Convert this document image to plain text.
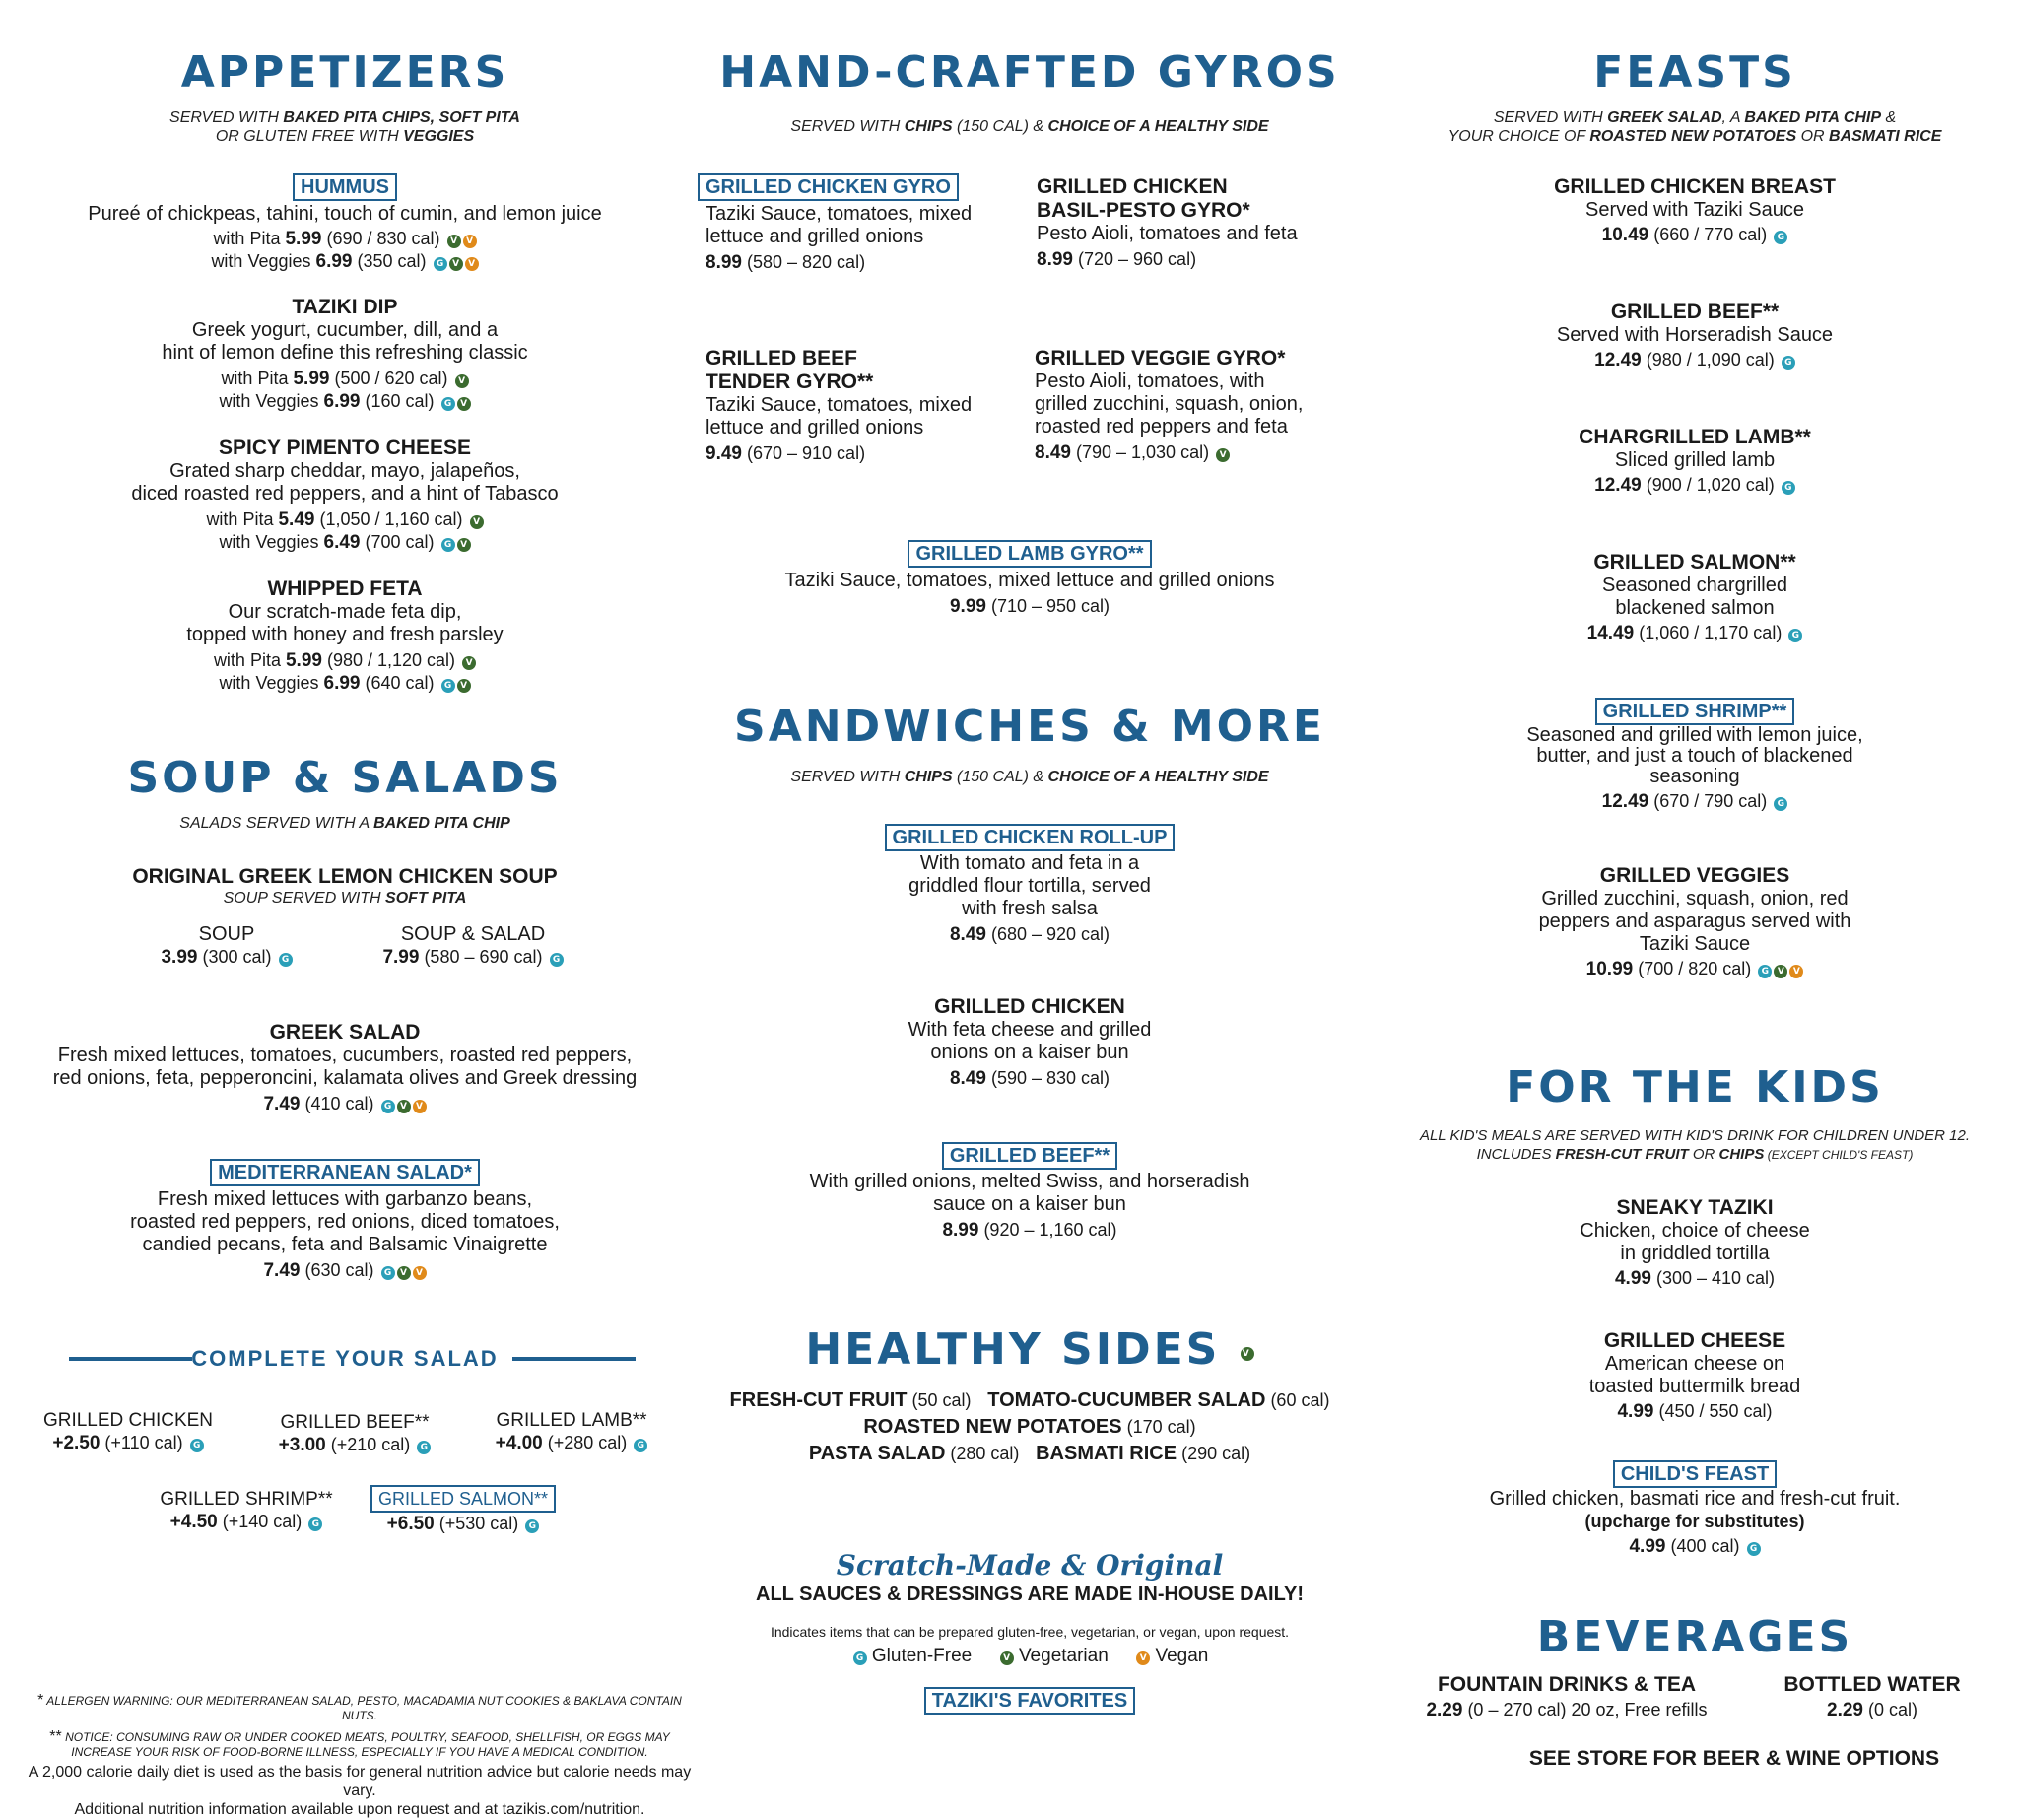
APPETIZERS
SERVED WITH BAKED PITA CHIPS, SOFT PITA
OR GLUTEN FREE WITH VEGGIES
HUMMUS
Pureé of chickpeas, tahini, touch of cumin, and lemon juice
with Pita 5.99 (690 / 830 cal) V V
with Veggies 6.99 (350 cal) G V V
TAZIKI DIP
Greek yogurt, cucumber, dill, and a
hint of lemon define this refreshing classic
with Pita 5.99 (500 / 620 cal) V
with Veggies 6.99 (160 cal) G V
SPICY PIMENTO CHEESE
Grated sharp cheddar, mayo, jalapeños,
diced roasted red peppers, and a hint of Tabasco
with Pita 5.49 (1,050 / 1,160 cal) V
with Veggies 6.49 (700 cal) G V
WHIPPED FETA
Our scratch-made feta dip,
topped with honey and fresh parsley
with Pita 5.99 (980 / 1,120 cal) V
with Veggies 6.99 (640 cal) G V
SOUP & SALADS
SALADS SERVED WITH A BAKED PITA CHIP
ORIGINAL GREEK LEMON CHICKEN SOUP
SOUP SERVED WITH SOFT PITA
SOUP
3.99 (300 cal) G
SOUP & SALAD
7.99 (580 – 690 cal) G
GREEK SALAD
Fresh mixed lettuces, tomatoes, cucumbers, roasted red peppers,
red onions, feta, pepperoncini, kalamata olives and Greek dressing
7.49 (410 cal) G V V
MEDITERRANEAN SALAD*
Fresh mixed lettuces with garbanzo beans,
roasted red peppers, red onions, diced tomatoes,
candied pecans, feta and Balsamic Vinaigrette
7.49 (630 cal) G V V
COMPLETE YOUR SALAD
GRILLED CHICKEN
+2.50 (+110 cal) G
GRILLED BEEF**
+3.00 (+210 cal) G
GRILLED LAMB**
+4.00 (+280 cal) G
GRILLED SHRIMP**
+4.50 (+140 cal) G
GRILLED SALMON**
+6.50 (+530 cal) G
* ALLERGEN WARNING: OUR MEDITERRANEAN SALAD, PESTO, MACADAMIA NUT COOKIES & BAKLAVA CONTAIN NUTS.
** NOTICE: CONSUMING RAW OR UNDER COOKED MEATS, POULTRY, SEAFOOD, SHELLFISH, OR EGGS MAY
INCREASE YOUR RISK OF FOOD-BORNE ILLNESS, ESPECIALLY IF YOU HAVE A MEDICAL CONDITION.
A 2,000 calorie daily diet is used as the basis for general nutrition advice but calorie needs may vary.
Additional nutrition information available upon request and at tazikis.com/nutrition.
HAND-CRAFTED GYROS
SERVED WITH CHIPS (150 CAL) & CHOICE OF A HEALTHY SIDE
GRILLED CHICKEN GYRO
Taziki Sauce, tomatoes, mixed
lettuce and grilled onions
8.99 (580 – 820 cal)
GRILLED CHICKEN
BASIL-PESTO GYRO*
Pesto Aioli, tomatoes and feta
8.99 (720 – 960 cal)
GRILLED BEEF
TENDER GYRO**
Taziki Sauce, tomatoes, mixed
lettuce and grilled onions
9.49 (670 – 910 cal)
GRILLED VEGGIE GYRO*
Pesto Aioli, tomatoes, with
grilled zucchini, squash, onion,
roasted red peppers and feta
8.49 (790 – 1,030 cal) V
GRILLED LAMB GYRO**
Taziki Sauce, tomatoes, mixed lettuce and grilled onions
9.99 (710 – 950 cal)
SANDWICHES & MORE
SERVED WITH CHIPS (150 CAL) & CHOICE OF A HEALTHY SIDE
GRILLED CHICKEN ROLL-UP
With tomato and feta in a
griddled flour tortilla, served
with fresh salsa
8.49 (680 – 920 cal)
GRILLED CHICKEN
With feta cheese and grilled
onions on a kaiser bun
8.49 (590 – 830 cal)
GRILLED BEEF**
With grilled onions, melted Swiss, and horseradish
sauce on a kaiser bun
8.99 (920 – 1,160 cal)
HEALTHY SIDES V
FRESH-CUT FRUIT (50 cal) TOMATO-CUCUMBER SALAD (60 cal)
ROASTED NEW POTATOES (170 cal)
PASTA SALAD (280 cal) BASMATI RICE (290 cal)
Scratch-Made & Original
ALL SAUCES & DRESSINGS ARE MADE IN-HOUSE DAILY!
Indicates items that can be prepared gluten-free, vegetarian, or vegan, upon request.
G Gluten-Free	V Vegetarian	V Vegan
TAZIKI'S FAVORITES
FEASTS
SERVED WITH GREEK SALAD, A BAKED PITA CHIP &
YOUR CHOICE OF ROASTED NEW POTATOES OR BASMATI RICE
GRILLED CHICKEN BREAST
Served with Taziki Sauce
10.49 (660 / 770 cal) G
GRILLED BEEF**
Served with Horseradish Sauce
12.49 (980 / 1,090 cal) G
CHARGRILLED LAMB**
Sliced grilled lamb
12.49 (900 / 1,020 cal) G
GRILLED SALMON**
Seasoned chargrilled
blackened salmon
14.49 (1,060 / 1,170 cal) G
GRILLED SHRIMP**
Seasoned and grilled with lemon juice,
butter, and just a touch of blackened
seasoning
12.49 (670 / 790 cal) G
GRILLED VEGGIES
Grilled zucchini, squash, onion, red
peppers and asparagus served with
Taziki Sauce
10.99 (700 / 820 cal) G V V
FOR THE KIDS
ALL KID'S MEALS ARE SERVED WITH KID'S DRINK FOR CHILDREN UNDER 12.
INCLUDES FRESH-CUT FRUIT OR CHIPS (EXCEPT CHILD'S FEAST)
SNEAKY TAZIKI
Chicken, choice of cheese
in griddled tortilla
4.99 (300 – 410 cal)
GRILLED CHEESE
American cheese on
toasted buttermilk bread
4.99 (450 / 550 cal)
CHILD'S FEAST
Grilled chicken, basmati rice and fresh-cut fruit.
(upcharge for substitutes)
4.99 (400 cal) G
BEVERAGES
FOUNTAIN DRINKS & TEA
2.29 (0 – 270 cal) 20 oz, Free refills
BOTTLED WATER
2.29 (0 cal)
SEE STORE FOR BEER & WINE OPTIONS
